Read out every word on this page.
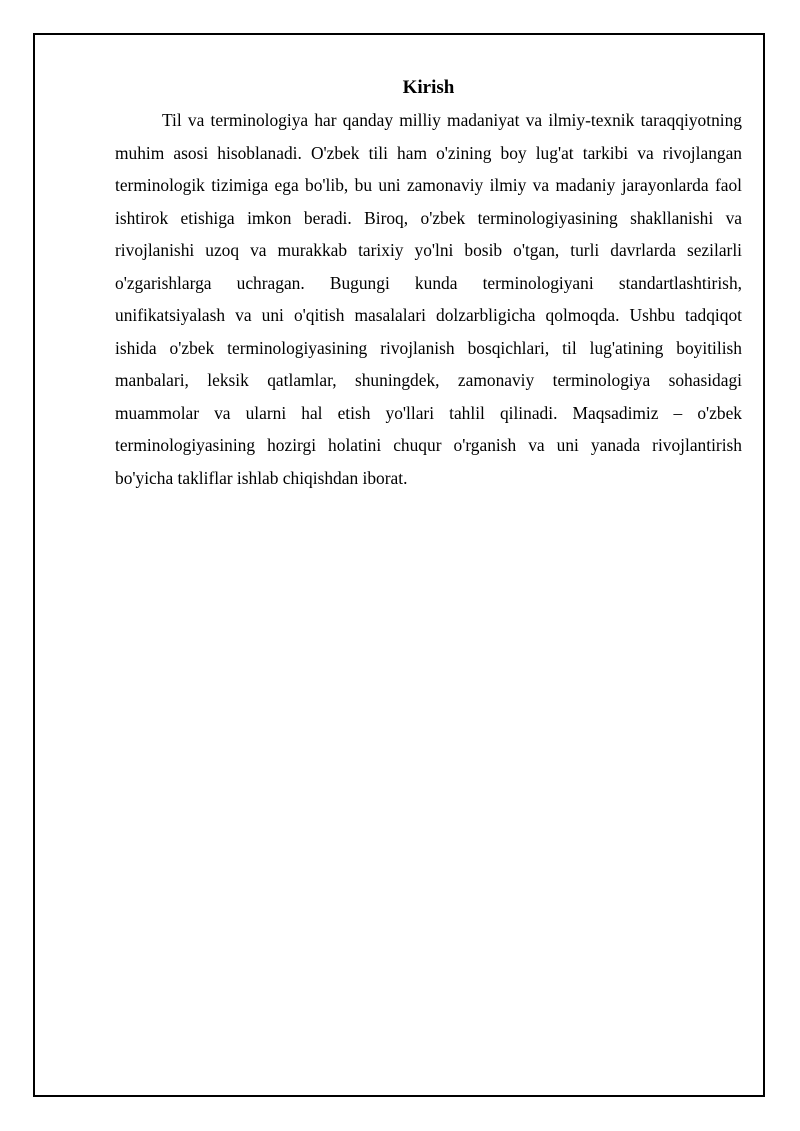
Kirish

Til va terminologiya har qanday milliy madaniyat va ilmiy-texnik taraqqiyotning muhim asosi hisoblanadi. O'zbek tili ham o'zining boy lug'at tarkibi va rivojlangan terminologik tizimiga ega bo'lib, bu uni zamonaviy ilmiy va madaniy jarayonlarda faol ishtirok etishiga imkon beradi. Biroq, o'zbek terminologiyasining shakllanishi va rivojlanishi uzoq va murakkab tarixiy yo'lni bosib o'tgan, turli davrlarda sezilarli o'zgarishlarga uchragan. Bugungi kunda terminologiyani standartlashtirish, unifikatsiyalash va uni o'qitish masalalari dolzarbligicha qolmoqda. Ushbu tadqiqot ishida o'zbek terminologiyasining rivojlanish bosqichlari, til lug'atining boyitilish manbalari, leksik qatlamlar, shuningdek, zamonaviy terminologiya sohasidagi muammolar va ularni hal etish yo'llari tahlil qilinadi. Maqsadimiz – o'zbek terminologiyasining hozirgi holatini chuqur o'rganish va uni yanada rivojlantirish bo'yicha takliflar ishlab chiqishdan iborat.
